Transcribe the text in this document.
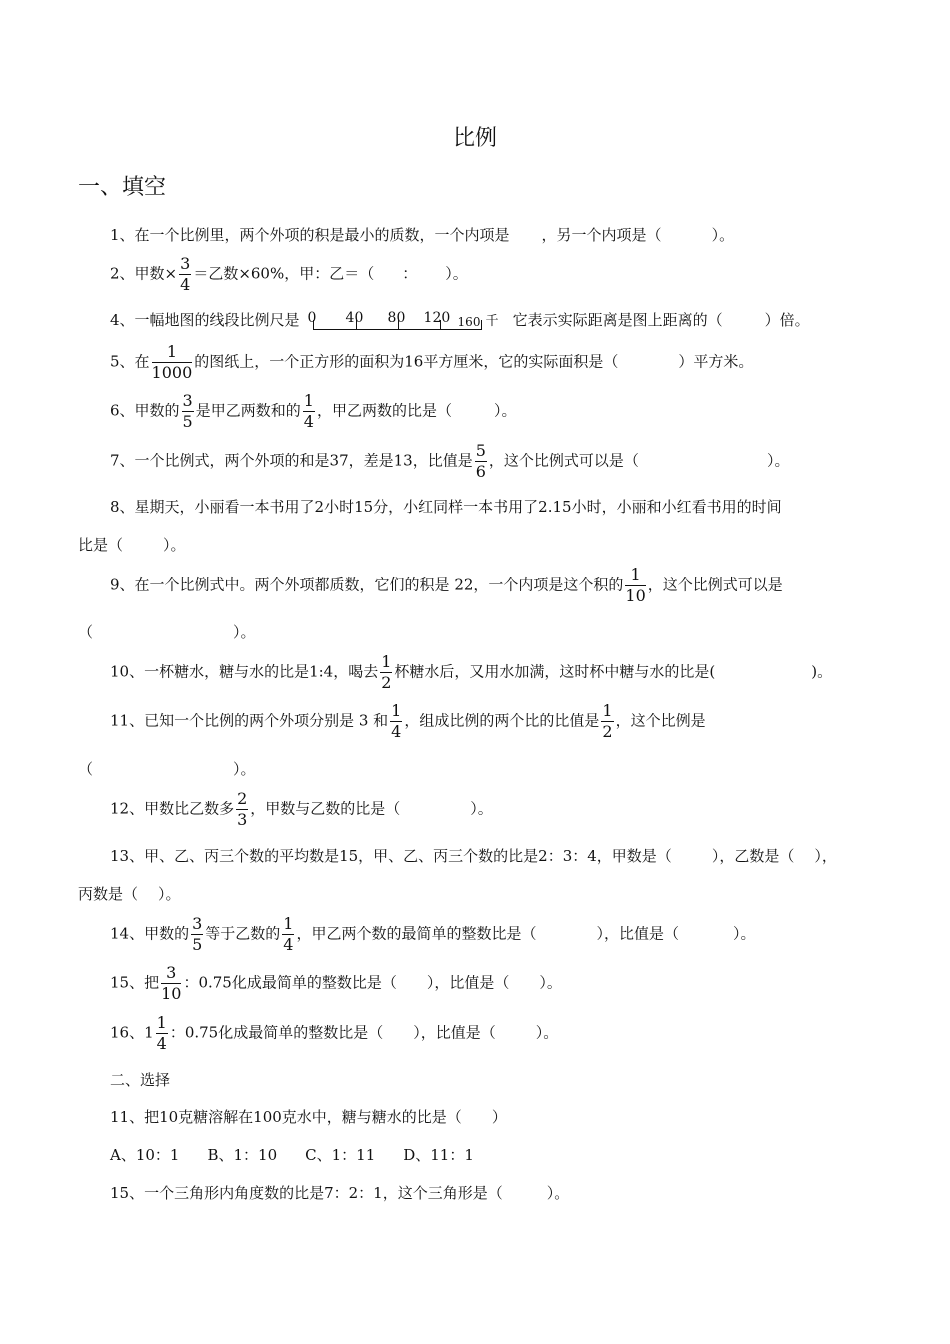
比例
一、填空
1、在一个比例里，两个外项的积是最小的质数，一个内项是 ，另一个内项是（	）。
2、甲数× $\frac{3}{4}$ ＝乙数×60%，甲：乙＝（ ： ）。
4、一幅地图的线段比例尺是 0 40 80 120 160 千 它表示实际距离是图上距离的（	）倍。
5、在 $\frac{1}{1000}$ 的图纸上，一个正方形的面积为16平方厘米，它的实际面积是（	）平方米。
6、甲数的 $\frac{3}{5}$ 是甲乙两数和的 $\frac{1}{4}$ ，甲乙两数的比是（	）。
7、一个比例式，两个外项的和是37，差是13，比值是 $\frac{5}{6}$ ，这个比例式可以是（	）。
8、星期天，小丽看一本书用了2小时15分，小红同样一本书用了2.15小时，小丽和小红看书用的时间
比是（	）。
9、在一个比例式中。两个外项都质数，它们的积是 22，一个内项是这个积的 $\frac{1}{10}$ ，这个比例式可以是
（	）。
10、一杯糖水，糖与水的比是1:4，喝去 $\frac{1}{2}$ 杯糖水后，又用水加满，这时杯中糖与水的比是(	)。
11、已知一个比例的两个外项分别是 3 和 $\frac{1}{4}$ ，组成比例的两个比的比值是 $\frac{1}{2}$ ，这个比例是
（	）。
12、甲数比乙数多 $\frac{2}{3}$ ，甲数与乙数的比是（	）。
13、甲、乙、丙三个数的平均数是15，甲、乙、丙三个数的比是2：3：4，甲数是（	），乙数是（ ），
丙数是（ ）。
14、甲数的 $\frac{3}{5}$ 等于乙数的 $\frac{1}{4}$ ，甲乙两个数的最简单的整数比是（	），比值是（	）。
15、把 $\frac{3}{10}$ ：0.75化成最简单的整数比是（ ），比值是（ ）。
16、$1 \frac{1}{4}$ ：0.75化成最简单的整数比是（ ），比值是（	）。
二、选择
11、把10克糖溶解在100克水中，糖与糖水的比是（ ）
A、10：1 B、1：10 C、1：11 D、11：1
15、一个三角形内角度数的比是7：2：1，这个三角形是（	）。
